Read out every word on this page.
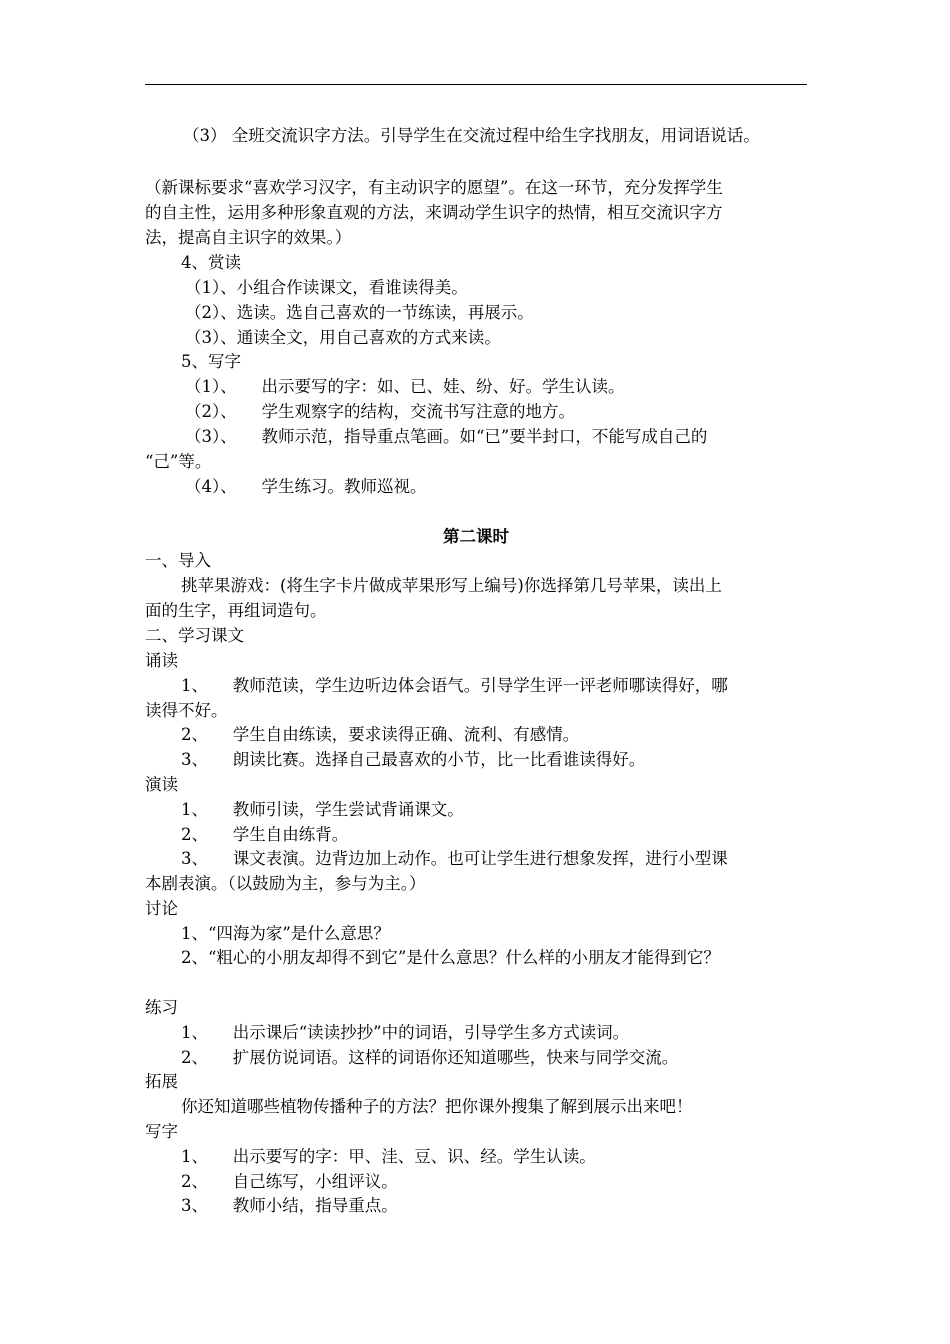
（3） 全班交流识字方法。引导学生在交流过程中给生字找朋友，用词语说话。
（新课标要求“喜欢学习汉字，有主动识字的愿望”。在这一环节，充分发挥学生
的自主性，运用多种形象直观的方法，来调动学生识字的热情，相互交流识字方
法，提高自主识字的效果。）
4、赏读
（1）、小组合作读课文，看谁读得美。
（2）、选读。选自己喜欢的一节练读，再展示。
（3）、通读全文，用自己喜欢的方式来读。
5、写字
（1）、　　出示要写的字：如、已、娃、纷、好。学生认读。
（2）、　　学生观察字的结构，交流书写注意的地方。
（3）、　　教师示范，指导重点笔画。如“已”要半封口，不能写成自己的
“己”等。
（4）、　　学生练习。教师巡视。
第二课时
一、导入
挑苹果游戏：(将生字卡片做成苹果形写上编号)你选择第几号苹果，读出上
面的生字，再组词造句。
二、学习课文
诵读
1、　　教师范读，学生边听边体会语气。引导学生评一评老师哪读得好，哪
读得不好。
2、　　学生自由练读，要求读得正确、流利、有感情。
3、　　朗读比赛。选择自己最喜欢的小节，比一比看谁读得好。
演读
1、　　教师引读，学生尝试背诵课文。
2、　　学生自由练背。
3、　　课文表演。边背边加上动作。也可让学生进行想象发挥，进行小型课
本剧表演。（以鼓励为主，参与为主。）
讨论
1、“四海为家”是什么意思？
2、“粗心的小朋友却得不到它”是什么意思？什么样的小朋友才能得到它？
练习
1、　　出示课后“读读抄抄”中的词语，引导学生多方式读词。
2、　　扩展仿说词语。这样的词语你还知道哪些，快来与同学交流。
拓展
你还知道哪些植物传播种子的方法？把你课外搜集了解到展示出来吧！
写字
1、　　出示要写的字：甲、洼、豆、识、经。学生认读。
2、　　自己练写，小组评议。
3、　　教师小结，指导重点。
